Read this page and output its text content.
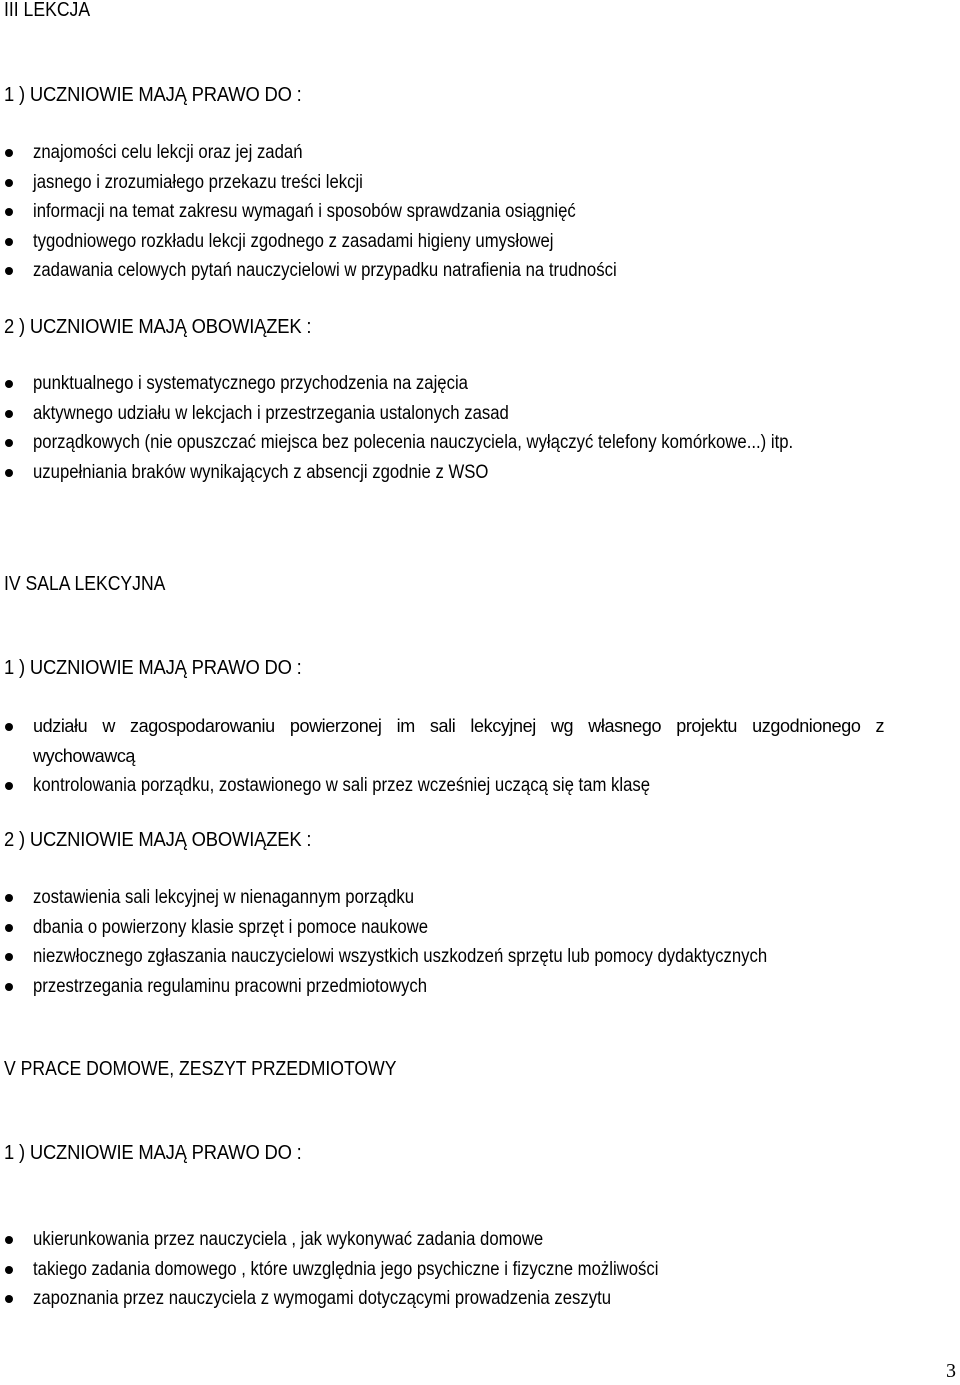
III LEKCJA
1 ) UCZNIOWIE MAJĄ PRAWO DO :
znajomości celu lekcji oraz jej zadań
jasnego i zrozumiałego przekazu treści lekcji
informacji na temat zakresu wymagań i sposobów sprawdzania osiągnięć
tygodniowego rozkładu lekcji zgodnego z zasadami higieny umysłowej
zadawania celowych pytań nauczycielowi w przypadku natrafienia na trudności
2 ) UCZNIOWIE MAJĄ OBOWIĄZEK :
punktualnego i systematycznego przychodzenia na zajęcia
aktywnego udziału w lekcjach i przestrzegania ustalonych zasad
porządkowych (nie opuszczać miejsca bez polecenia nauczyciela, wyłączyć telefony komórkowe...) itp.
uzupełniania braków wynikających z absencji zgodnie z WSO
IV SALA LEKCYJNA
1 ) UCZNIOWIE MAJĄ PRAWO DO :
udziału w zagospodarowaniu powierzonej im sali lekcyjnej wg własnego projektu uzgodnionego z wychowawcą
kontrolowania porządku, zostawionego w sali przez wcześniej uczącą się tam klasę
2 ) UCZNIOWIE MAJĄ OBOWIĄZEK :
zostawienia sali lekcyjnej w nienagannym porządku
dbania o powierzony klasie sprzęt i pomoce naukowe
niezwłocznego zgłaszania nauczycielowi wszystkich uszkodzeń sprzętu lub pomocy dydaktycznych
przestrzegania regulaminu pracowni przedmiotowych
V PRACE DOMOWE, ZESZYT PRZEDMIOTOWY
1 ) UCZNIOWIE MAJĄ PRAWO DO :
ukierunkowania przez nauczyciela , jak wykonywać zadania domowe
takiego zadania domowego , które uwzględnia jego psychiczne i fizyczne możliwości
zapoznania przez nauczyciela z wymogami dotyczącymi prowadzenia zeszytu
3
